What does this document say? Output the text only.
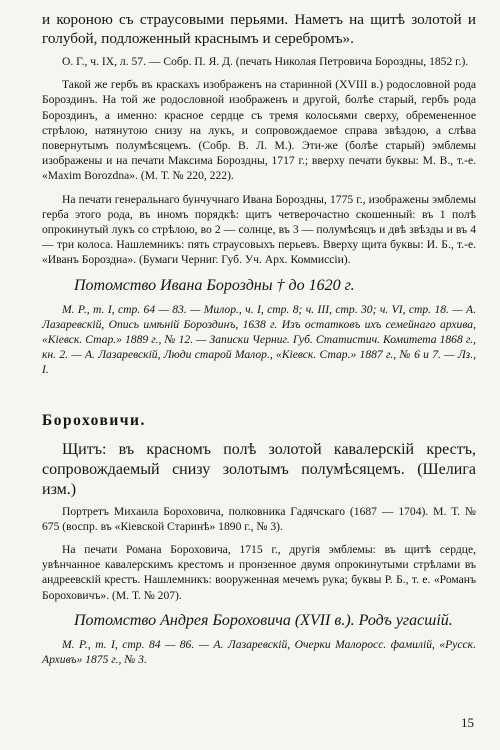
и короною съ страусовыми перьями. Наметъ на щитѣ золотой и голубой, подложенный краснымъ и серебромъ».

О. Г., ч. IX, л. 57. — Собр. П. Я. Д. (печать Николая Петровича Бороздны, 1852 г.).

Такой же гербъ въ краскахъ изображенъ на старинной (XVIII в.) родословной рода Бороздинъ. На той же родословной изображенъ и другой, болѣе старый, гербъ рода Бороздинъ, а именно: красное сердце съ тремя колосьями сверху, обремененное стрѣлою, натянутою снизу на лукъ, и сопровождаемое справа звѣздою, а слѣва повернутымъ полумѣсяцемъ. (Собр. В. Л. М.). Эти-же (болѣе старый) эмблемы изображены и на печати Максима Бороздны, 1717 г.; вверху печати буквы: М. В., т.-е. «Maxim Borozdna». (М. Т. № 220, 222).

На печати генеральнаго бунчучнаго Ивана Бороздны, 1775 г., изображены эмблемы герба этого рода, въ иномъ порядкѣ: щитъ четверочастно скошенный: въ 1 полѣ опрокинутый лукъ со стрѣлою, во 2 — солнце, въ 3 — полумѣсяцъ и двѣ звѣзды и въ 4 — три колоса. Нашлемникъ: пять страусовыхъ перьевъ. Вверху щита буквы: И. Б., т.-е. «Иванъ Бороздна». (Бумаги Черниг. Губ. Уч. Арх. Коммиссiи).

Потомство Ивана Бороздны † до 1620 г.

М. Р., т. I, стр. 64 — 83. — Милор., ч. I, стр. 8; ч. III, стр. 30; ч. VI, стр. 18. — А. Лазаревскій, Опись имѣній Бороздинъ, 1638 г. Изъ остатковъ ихъ семейнаго архива, «Кiевск. Стар.» 1889 г., № 12. — Записки Черниг. Губ. Статистич. Комитета 1868 г., кн. 2. — А. Лазаревскій, Люди старой Малор., «Кiевск. Стар.» 1887 г., № 6 и 7. — Лз., I.

Бороховичи.

Щитъ: въ красномъ полѣ золотой кавалерскій крестъ, сопровождаемый снизу золотымъ полумѣсяцемъ. (Шелига изм.)

Портретъ Михаила Бороховича, полковника Гадячскаго (1687 — 1704). М. Т. № 675 (воспр. въ «Кiевской Старинѣ» 1890 г., № 3).

На печати Романа Бороховича, 1715 г., другія эмблемы: въ щитѣ сердце, увѣнчанное кавалерскимъ крестомъ и пронзенное двумя опрокинутыми стрѣлами въ андреевскій крестъ. Нашлемникъ: вооруженная мечемъ рука; буквы Р. Б., т. е. «Романъ Бороховичъ». (М. Т. № 207).

Потомство Андрея Бороховича (XVII в.). Родъ угасшій.

М. Р., т. I, стр. 84 — 86. — А. Лазаревскій, Очерки Малоросс. фамилій, «Русск. Архивъ» 1875 г., № 3.

15
